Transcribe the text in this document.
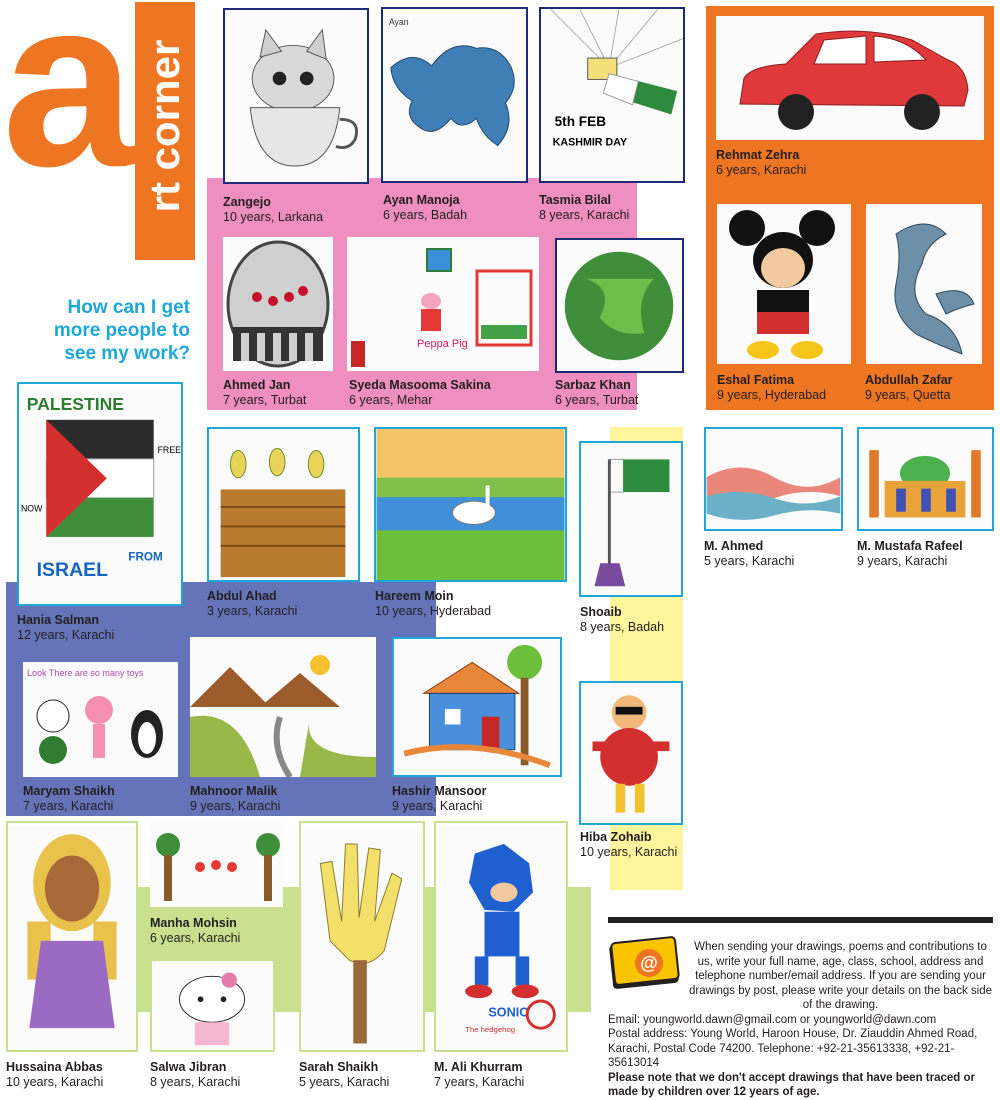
a rt corner
How can I get more people to see my work?
Ayan
5th FEB
KASHMIR DAY
Peppa Pig
PALESTINE
FREE
NOW
ISRAEL
FROM
Look There are so many toys
SONIC
The hedgehog
Zangejo
10 years, Larkana
Ayan Manoja
6 years, Badah
Tasmia Bilal
8 years, Karachi
Rehmat Zehra
6 years, Karachi
Ahmed Jan
7 years, Turbat
Syeda Masooma Sakina
6 years, Mehar
Sarbaz Khan
6 years, Turbat
Eshal Fatima
9 years, Hyderabad
Abdullah Zafar
9 years, Quetta
Hania Salman
12 years, Karachi
Abdul Ahad
3 years, Karachi
Hareem Moin
10 years, Hyderabad	Shoaib
8 years, Badah
M. Ahmed
5 years, Karachi
M. Mustafa Rafeel
9 years, Karachi
Maryam Shaikh
7 years, Karachi
Mahnoor Malik
9 years, Karachi
Hashir Mansoor
9 years, Karachi
Hiba Zohaib
10 years, Karachi
Manha Mohsin
6 years, Karachi
Hussaina Abbas
10 years, Karachi
Salwa Jibran
8 years, Karachi
Sarah Shaikh
5 years, Karachi
M. Ali Khurram
7 years, Karachi
@
When sending your drawings, poems and contributions to us, write your full name, age, class, school, address and telephone number/email address. If you are sending your drawings by post, please write your details on the back side of the drawing.
Email: youngworld.dawn@gmail.com or youngworld@dawn.com
Postal address: Young World, Haroon House, Dr. Ziauddin Ahmed Road, Karachi, Postal Code 74200. Telephone: +92-21-35613338, +92-21-35613014
Please note that we don't accept drawings that have been traced or made by children over 12 years of age.
